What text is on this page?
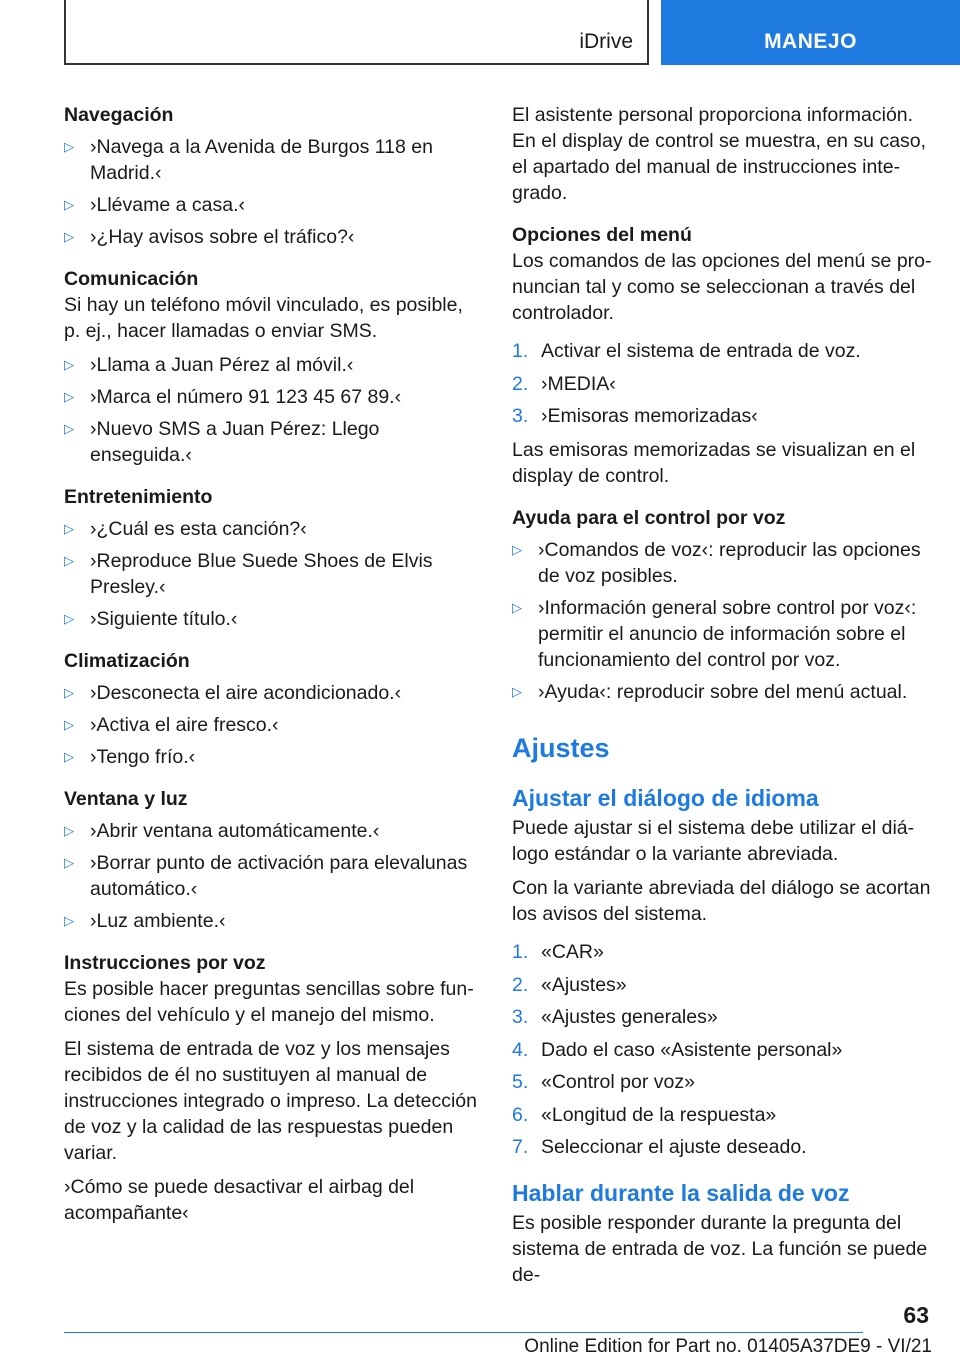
iDrive	MANEJO
Navegación
▷ ›Navega a la Avenida de Burgos 118 en Madrid.‹
▷ ›Llévame a casa.‹
▷ ›¿Hay avisos sobre el tráfico?‹
Comunicación

Si hay un teléfono móvil vinculado, es posible, p. ej., hacer llamadas o enviar SMS.

▷ ›Llama a Juan Pérez al móvil.‹
▷ ›Marca el número 91 123 45 67 89.‹
▷ ›Nuevo SMS a Juan Pérez: Llego enseguida.‹
Entretenimiento
▷ ›¿Cuál es esta canción?‹
▷ ›Reproduce Blue Suede Shoes de Elvis Presley.‹
▷ ›Siguiente título.‹
Climatización
▷ ›Desconecta el aire acondicionado.‹
▷ ›Activa el aire fresco.‹
▷ ›Tengo frío.‹
Ventana y luz
▷ ›Abrir ventana automáticamente.‹
▷ ›Borrar punto de activación para elevalunas automático.‹
▷ ›Luz ambiente.‹
Instrucciones por voz

Es posible hacer preguntas sencillas sobre funciones del vehículo y el manejo del mismo.

El sistema de entrada de voz y los mensajes recibidos de él no sustituyen al manual de instrucciones integrado o impreso. La detección de voz y la calidad de las respuestas pueden variar.

›Cómo se puede desactivar el airbag del acompañante‹

El asistente personal proporciona información. En el display de control se muestra, en su caso, el apartado del manual de instrucciones integrado.

Opciones del menú

Los comandos de las opciones del menú se pronuncian tal y como se seleccionan a través del controlador.

1. Activar el sistema de entrada de voz.
2. ›MEDIA‹
3. ›Emisoras memorizadas‹

Las emisoras memorizadas se visualizan en el display de control.

Ayuda para el control por voz
▷ ›Comandos de voz‹: reproducir las opciones de voz posibles.
▷ ›Información general sobre control por voz‹: permitir el anuncio de información sobre el funcionamiento del control por voz.
▷ ›Ayuda‹: reproducir sobre del menú actual.
Ajustes
Ajustar el diálogo de idioma

Puede ajustar si el sistema debe utilizar el diálogo estándar o la variante abreviada.

Con la variante abreviada del diálogo se acortan los avisos del sistema.

1. «CAR»
2. «Ajustes»
3. «Ajustes generales»
4. Dado el caso «Asistente personal»
5. «Control por voz»
6. «Longitud de la respuesta»
7. Seleccionar el ajuste deseado.
Hablar durante la salida de voz

Es posible responder durante la pregunta del sistema de entrada de voz. La función se puede de-

63
Online Edition for Part no. 01405A37DE9 - VI/21
